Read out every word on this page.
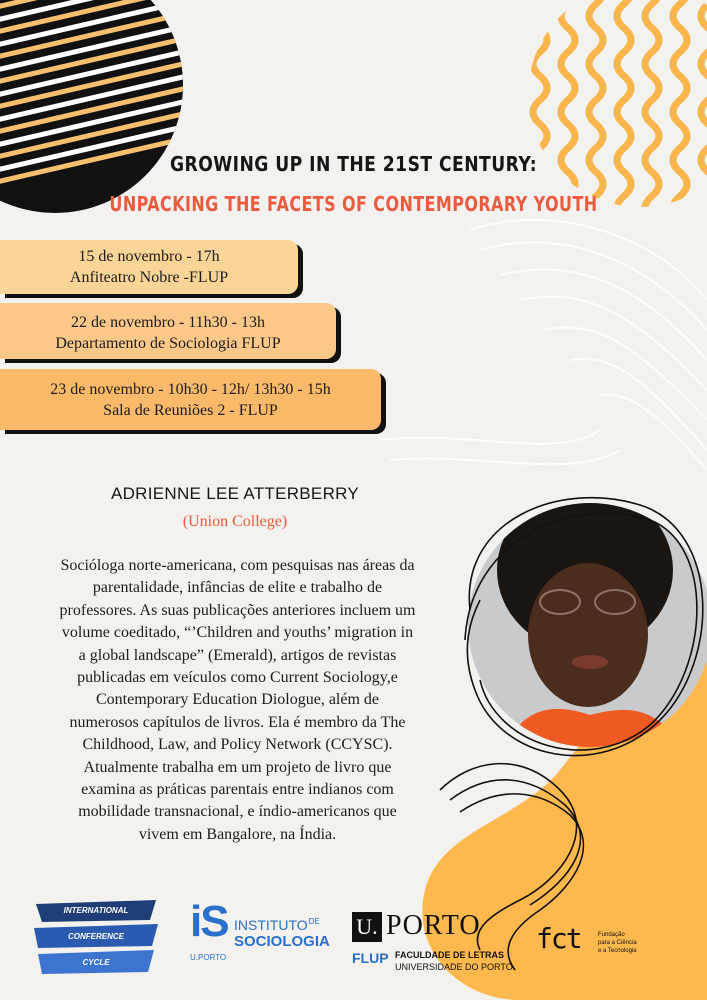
GROWING UP IN THE 21ST CENTURY:
UNPACKING THE FACETS OF CONTEMPORARY YOUTH
15 de novembro - 17h
Anfiteatro Nobre -FLUP
22 de novembro - 11h30 - 13h
Departamento de Sociologia FLUP
23 de novembro - 10h30 - 12h/ 13h30 - 15h
Sala de Reuniões 2 - FLUP
ADRIENNE LEE ATTERBERRY
(Union College)
Socióloga norte-americana, com pesquisas nas áreas da
parentalidade, infâncias de elite e trabalho de
professores. As suas publicações anteriores incluem um
volume coeditado, “’Children and youths’ migration in
a global landscape” (Emerald), artigos de revistas
publicadas em veículos como Current Sociology,e
Contemporary Education Diologue, além de
numerosos capítulos de livros. Ela é membro da The
Childhood, Law, and Policy Network (CCYSC).
Atualmente trabalha em um projeto de livro que
examina as práticas parentais entre indianos com
mobilidade transnacional, e índio-americanos que
vivem em Bangalore, na Índia.
INTERNATIONAL
CONFERENCE
CYCLE
iS $INSTITUTO^{DE}$
SOCIOLOGIA
U.PORTO
U. PORTO
FLUP FACULDADE DE LETRAS
UNIVERSIDADE DO PORTO
fct	Fundação
para a Ciência
e a Tecnologia
